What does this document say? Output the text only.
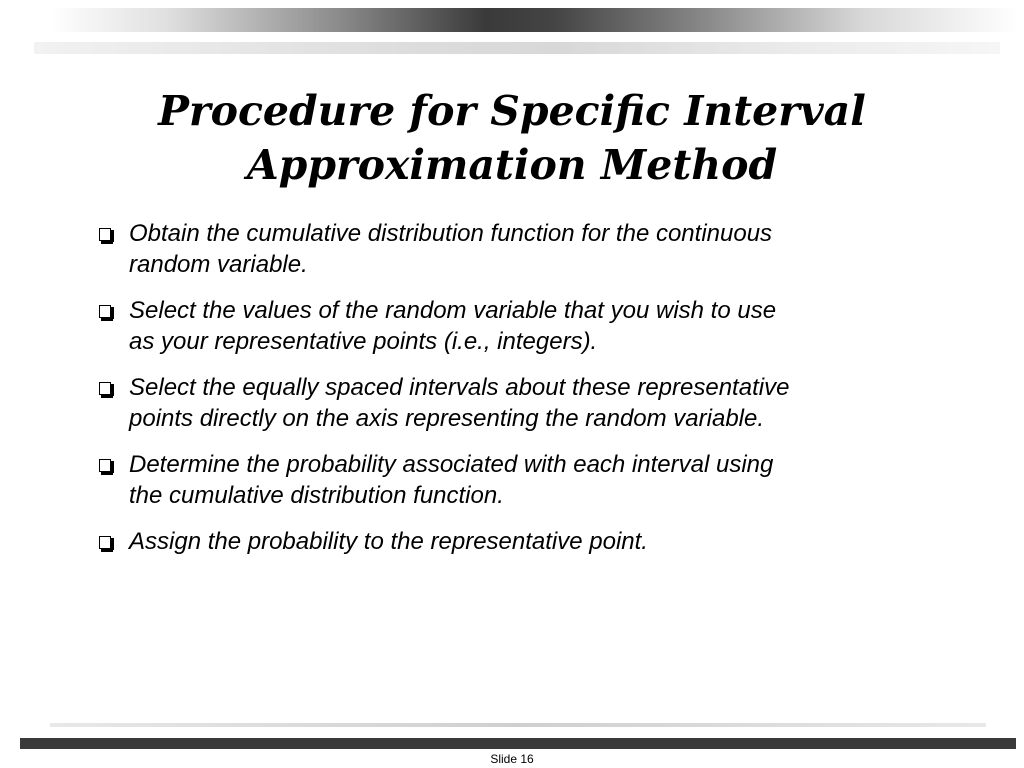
Procedure for Specific Interval
Approximation Method
Obtain the cumulative distribution function for the continuous
random variable.
Select the values of the random variable that you wish to use
as your representative points (i.e., integers).
Select the equally spaced intervals about these representative
points directly on the axis representing the random variable.
Determine the probability associated with each interval using
the cumulative distribution function.
Assign the probability to the representative point.
Slide 16
